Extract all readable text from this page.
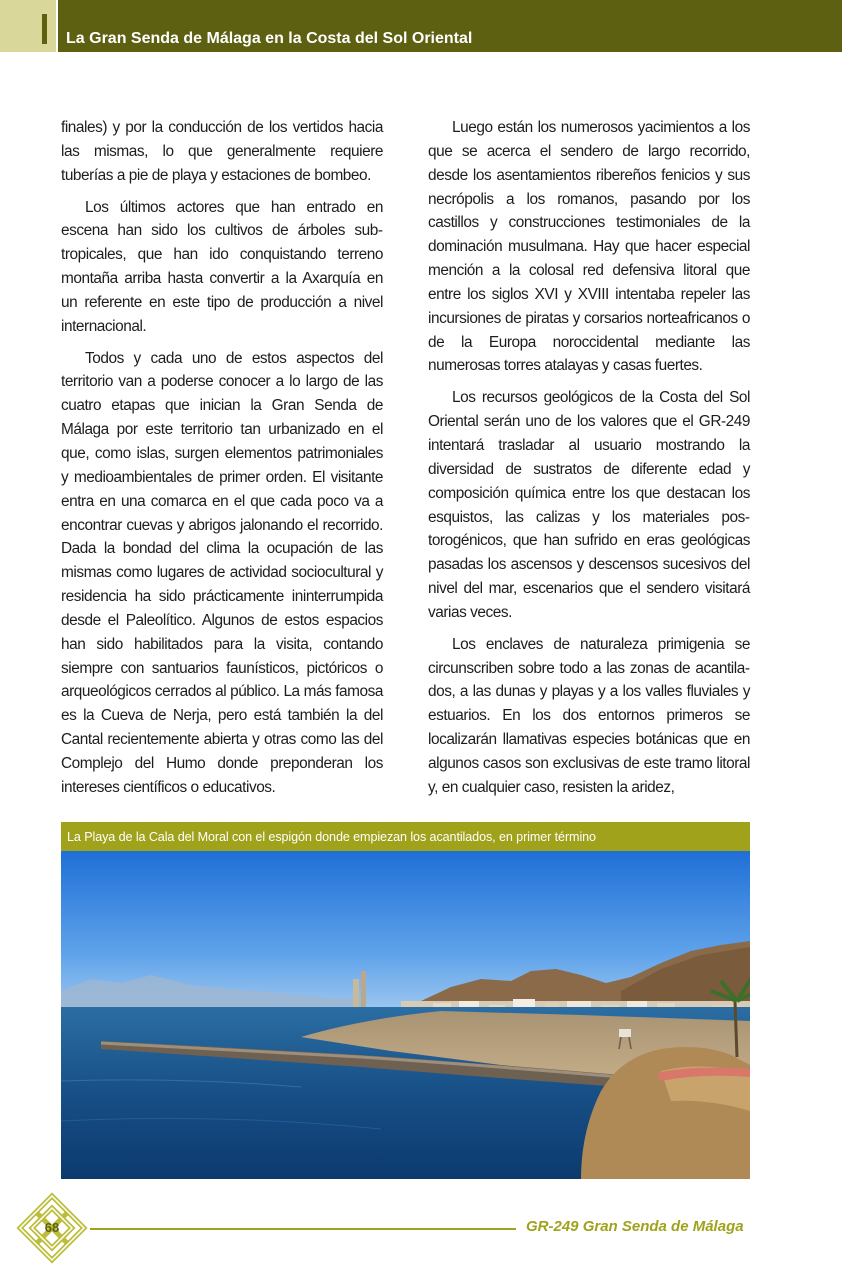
La Gran Senda de Málaga en la Costa del Sol Oriental

finales) y por la conducción de los vertidos hacia las mismas, lo que generalmente requiere tuberías a pie de playa y estaciones de bombeo.

Los últimos actores que han entrado en escena han sido los cultivos de árboles subtropicales, que han ido conquistando terreno montaña arriba hasta convertir a la Axarquía en un referente en este tipo de producción a nivel internacional.

Todos y cada uno de estos aspectos del territorio van a poderse conocer a lo largo de las cuatro etapas que inician la Gran Senda de Málaga por este territorio tan urbanizado en el que, como islas, surgen elementos patrimoniales y medioambientales de primer orden. El visitante entra en una comarca en el que cada poco va a encontrar cuevas y abrigos jalonando el recorrido. Dada la bondad del clima la ocupación de las mismas como lugares de actividad sociocultural y residencia ha sido prácticamente ininterrumpida desde el Paleolítico. Algunos de estos espacios han sido habilitados para la visita, contando siempre con santuarios faunísticos, pictóricos o arqueológicos cerrados al público. La más famosa es la Cueva de Nerja, pero está también la del Cantal recientemente abierta y otras como las del Complejo del Humo donde preponderan los intereses científicos o educativos.

Luego están los numerosos yacimientos a los que se acerca el sendero de largo recorrido, desde los asentamientos ribereños fenicios y sus necrópolis a los romanos, pasando por los castillos y construcciones testimoniales de la dominación musulmana. Hay que hacer especial mención a la colosal red defensiva litoral que entre los siglos XVI y XVIII intentaba repeler las incursiones de piratas y corsarios norteafricanos o de la Europa noroccidental mediante las numerosas torres atalayas y casas fuertes.

Los recursos geológicos de la Costa del Sol Oriental serán uno de los valores que el GR-249 intentará trasladar al usuario mostrando la diversidad de sustratos de diferente edad y composición química entre los que destacan los esquistos, las calizas y los materiales postorogénicos, que han sufrido en eras geológicas pasadas los ascensos y descensos sucesivos del nivel del mar, escenarios que el sendero visitará varias veces.

Los enclaves de naturaleza primigenia se circunscriben sobre todo a las zonas de acantilados, a las dunas y playas y a los valles fluviales y estuarios. En los dos entornos primeros se localizarán llamativas especies botánicas que en algunos casos son exclusivas de este tramo litoral y, en cualquier caso, resisten la aridez,

La Playa de la Cala del Moral con el espigón donde empiezan los acantilados, en primer término
68	GR-249 Gran Senda de Málaga
